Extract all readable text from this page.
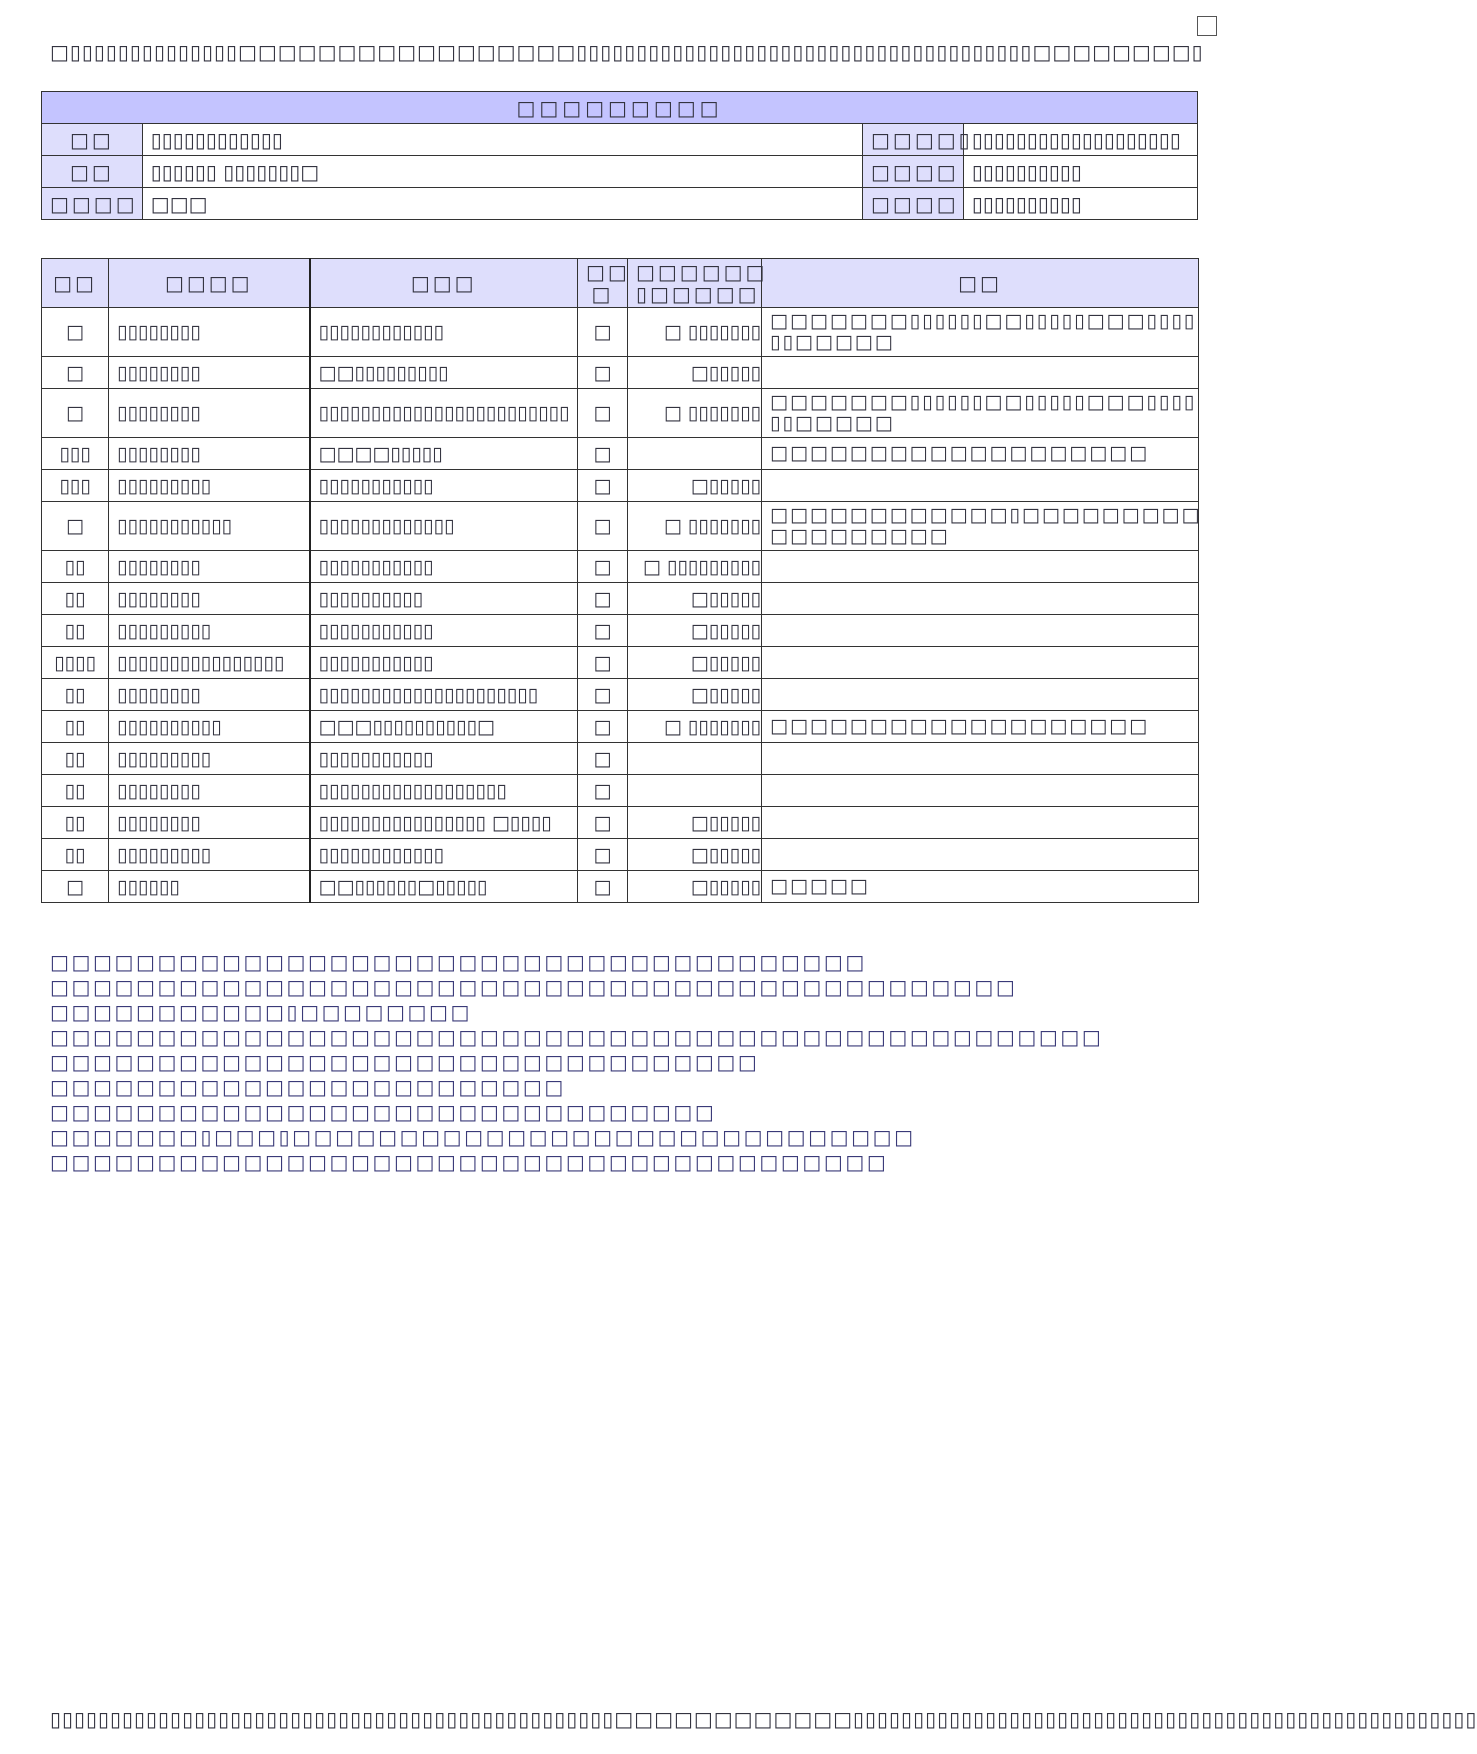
□▯▯▯▯▯▯▯▯▯▯▯▯▯▯□□□□□□□□□□□□□□□□□▯▯▯▯▯▯▯▯▯▯▯▯▯▯▯▯▯▯▯▯▯▯▯▯▯▯▯▯▯▯▯▯▯▯▯▯▯▯□□□□□□□□▯
□□□□□□□□□			
□□	▯▯▯▯▯▯▯▯▯▯▯▯	□□□□▯	▯▯▯▯▯▯▯▯▯▯▯▯▯▯▯▯▯▯▯
□□	▯▯▯▯▯▯ ▯▯▯▯▯▯▯□	□□□□	▯▯▯▯▯▯▯▯▯▯
□□□□	□□□	□□□□	▯▯▯▯▯▯▯▯▯▯
□□	□□□□	□□□	□□ □	□□□□□□ ▯□□□□□	□□
□	▯▯▯▯▯▯▯▯	▯▯▯▯▯▯▯▯▯▯▯▯	□	□ ▯▯▯▯▯▯▯	□□□□□□□▯▯▯▯▯▯□□▯▯▯▯▯□□□▯▯▯▯ ▯▯□□□□□
□	▯▯▯▯▯▯▯▯	□□▯▯▯▯▯▯▯▯▯	□	□▯▯▯▯▯	
□	▯▯▯▯▯▯▯▯	▯▯▯▯▯▯▯▯▯▯▯▯▯▯▯▯▯▯▯▯▯▯▯▯	□	□ ▯▯▯▯▯▯▯	□□□□□□□▯▯▯▯▯▯□□▯▯▯▯▯□□□▯▯▯▯ ▯▯□□□□□
▯▯▯	▯▯▯▯▯▯▯▯	□□□□▯▯▯▯▯	□		□□□□□□□□□□□□□□□□□□□
▯▯▯	▯▯▯▯▯▯▯▯▯	▯▯▯▯▯▯▯▯▯▯▯	□	□▯▯▯▯▯	
□	▯▯▯▯▯▯▯▯▯▯▯	▯▯▯▯▯▯▯▯▯▯▯▯▯	□	□ ▯▯▯▯▯▯▯	□□□□□□□□□□□□▯□□□□□□□□□ □□□□□□□□□
▯▯	▯▯▯▯▯▯▯▯	▯▯▯▯▯▯▯▯▯▯▯	□	□ ▯▯▯▯▯▯▯▯▯	
▯▯	▯▯▯▯▯▯▯▯	▯▯▯▯▯▯▯▯▯▯	□	□▯▯▯▯▯	
▯▯	▯▯▯▯▯▯▯▯▯	▯▯▯▯▯▯▯▯▯▯▯	□	□▯▯▯▯▯	
▯▯▯▯	▯▯▯▯▯▯▯▯▯▯▯▯▯▯▯▯	▯▯▯▯▯▯▯▯▯▯▯	□	□▯▯▯▯▯	
▯▯	▯▯▯▯▯▯▯▯	▯▯▯▯▯▯▯▯▯▯▯▯▯▯▯▯▯▯▯▯▯	□	□▯▯▯▯▯	
▯▯	▯▯▯▯▯▯▯▯▯▯	□□□▯▯▯▯▯▯▯▯▯▯□	□	□ ▯▯▯▯▯▯▯	□□□□□□□□□□□□□□□□□□□
▯▯	▯▯▯▯▯▯▯▯▯	▯▯▯▯▯▯▯▯▯▯▯	□		
▯▯	▯▯▯▯▯▯▯▯	▯▯▯▯▯▯▯▯▯▯▯▯▯▯▯▯▯▯	□		
▯▯	▯▯▯▯▯▯▯▯	▯▯▯▯▯▯▯▯▯▯▯▯▯▯▯▯ □▯▯▯▯	□	□▯▯▯▯▯	
▯▯	▯▯▯▯▯▯▯▯▯	▯▯▯▯▯▯▯▯▯▯▯▯	□	□▯▯▯▯▯	
□	▯▯▯▯▯▯	□□▯▯▯▯▯▯□▯▯▯▯▯	□	□▯▯▯▯▯	□□□□□
□□□□□□□□□□□□□□□□□□□□□□□□□□□□□□□□□□□□□□
□□□□□□□□□□□□□□□□□□□□□□□□□□□□□□□□□□□□□□□□□□□□□
□□□□□□□□□□□▯□□□□□□□□
□□□□□□□□□□□□□□□□□□□□□□□□□□□□□□□□□□□□□□□□□□□□□□□□□
□□□□□□□□□□□□□□□□□□□□□□□□□□□□□□□□□
□□□□□□□□□□□□□□□□□□□□□□□□
□□□□□□□□□□□□□□□□□□□□□□□□□□□□□□□
□□□□□□□▯□□□▯□□□□□□□□□□□□□□□□□□□□□□□□□□□□□
□□□□□□□□□□□□□□□□□□□□□□□□□□□□□□□□□□□□□□□
▯▯▯▯▯▯▯▯▯▯▯▯▯▯▯▯▯▯▯▯▯▯▯▯▯▯▯▯▯▯▯▯▯▯▯▯▯▯▯▯▯▯▯▯▯▯▯□□□□□□□□□□□□▯▯▯▯▯▯▯▯▯▯▯▯▯▯▯▯▯▯▯▯▯▯▯▯▯▯▯▯▯▯▯▯▯▯▯▯▯▯▯▯▯▯▯▯▯▯▯▯▯▯▯▯
